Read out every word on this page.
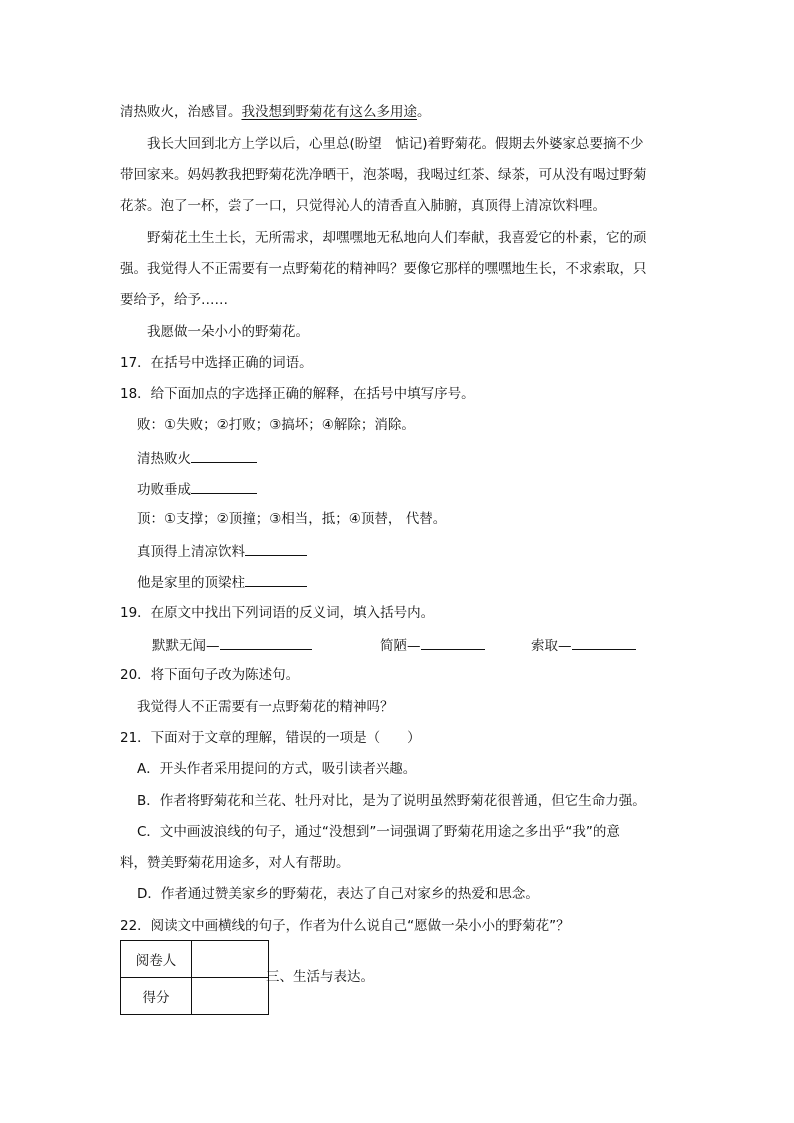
清热败火，治感冒。我没想到野菊花有这么多用途。
我长大回到北方上学以后，心里总(盼望　惦记)着野菊花。假期去外婆家总要摘不少
带回家来。妈妈教我把野菊花洗净晒干，泡茶喝，我喝过红茶、绿茶，可从没有喝过野菊
花茶。泡了一杯，尝了一口，只觉得沁人的清香直入肺腑，真顶得上清凉饮料哩。
野菊花土生土长，无所需求，却嘿嘿地无私地向人们奉献，我喜爱它的朴素，它的顽
强。我觉得人不正需要有一点野菊花的精神吗？要像它那样的嘿嘿地生长，不求索取，只
要给予，给予……
我愿做一朵小小的野菊花。
17．在括号中选择正确的词语。
18．给下面加点的字选择正确的解释，在括号中填写序号。
败：①失败；②打败；③搞坏；④解除；消除。
清热败火
功败垂成
顶：①支撑；②顶撞；③相当，抵；④顶替， 代替。
真顶得上清凉饮料
他是家里的顶梁柱
19．在原文中找出下列词语的反义词，填入括号内。
默默无闻—	简陋—	索取—
20．将下面句子改为陈述句。
我觉得人不正需要有一点野菊花的精神吗？
21．下面对于文章的理解，错误的一项是（　　）
A．开头作者采用提问的方式，吸引读者兴趣。
B．作者将野菊花和兰花、牡丹对比，是为了说明虽然野菊花很普通，但它生命力强。
C．文中画波浪线的句子，通过“没想到”一词强调了野菊花用途之多出乎“我”的意
料，赞美野菊花用途多，对人有帮助。
D．作者通过赞美家乡的野菊花，表达了自己对家乡的热爱和思念。
22．阅读文中画横线的句子，作者为什么说自己“愿做一朵小小的野菊花”？
阅卷人	
得分	
三、生活与表达。
